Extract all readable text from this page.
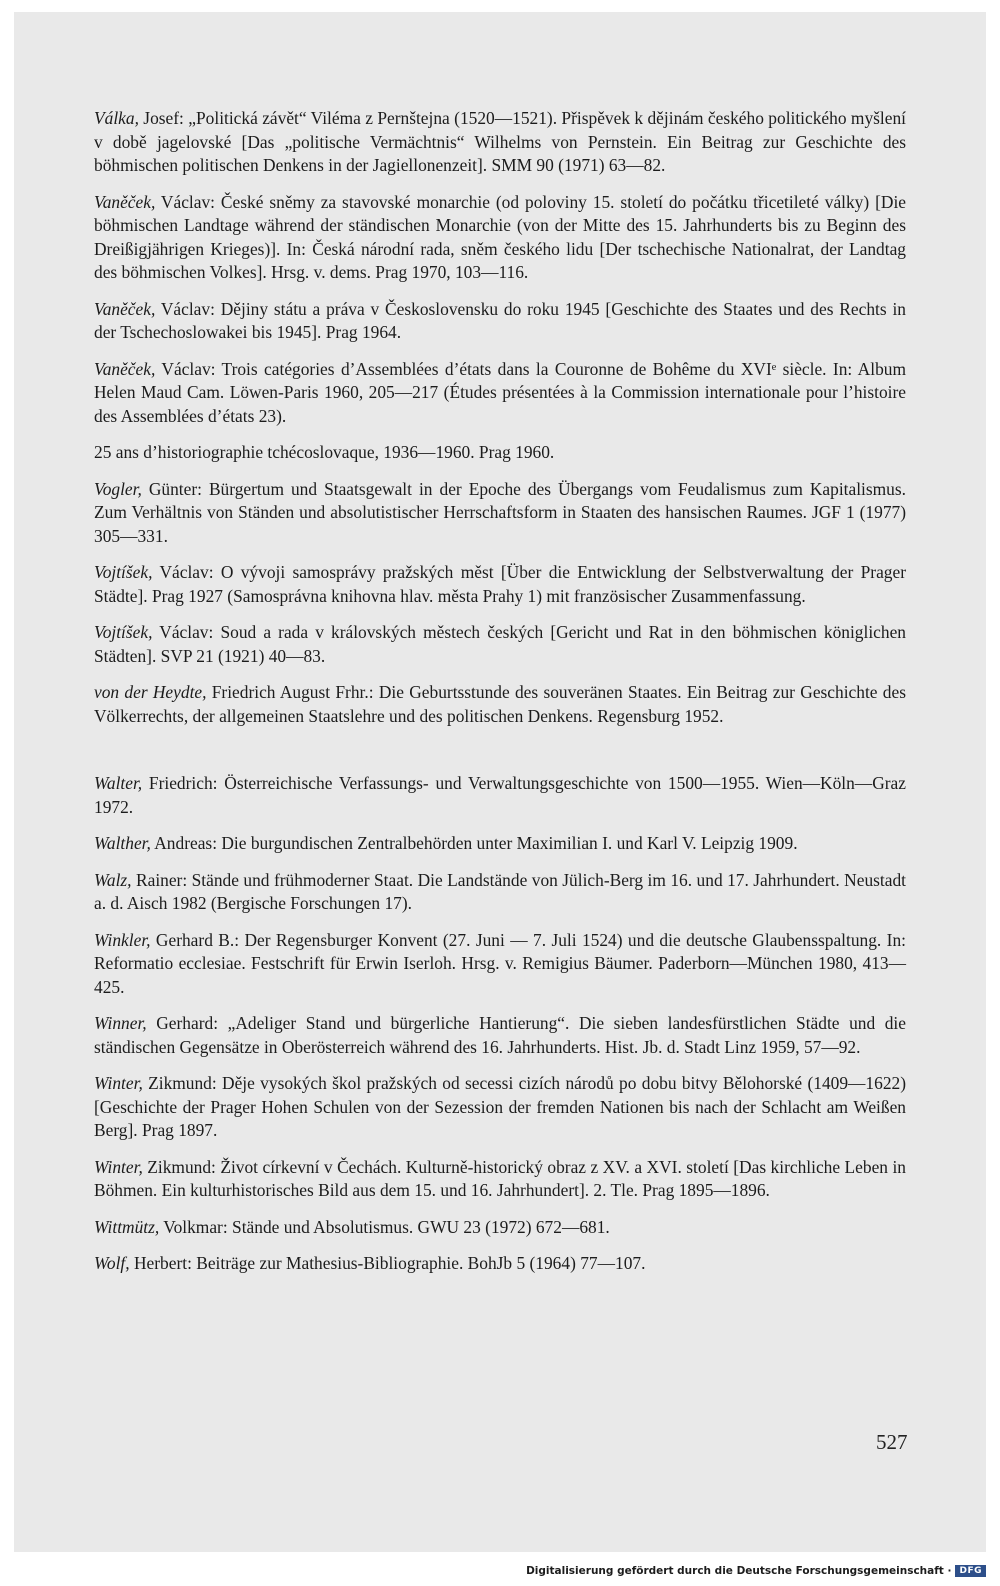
Válka, Josef: „Politická závět“ Viléma z Pernštejna (1520—1521). Přispěvek k dějinám českého politického myšlení v době jagelovské [Das „politische Vermächtnis“ Wilhelms von Pernstein. Ein Beitrag zur Geschichte des böhmischen politischen Denkens in der Jagiellonenzeit]. SMM 90 (1971) 63—82.

Vaněček, Václav: České sněmy za stavovské monarchie (od poloviny 15. století do počátku třicetileté války) [Die böhmischen Landtage während der ständischen Monarchie (von der Mitte des 15. Jahrhunderts bis zu Beginn des Dreißigjährigen Krieges)]. In: Česká národní rada, sněm českého lidu [Der tschechische Nationalrat, der Landtag des böhmischen Volkes]. Hrsg. v. dems. Prag 1970, 103—116.

Vaněček, Václav: Dějiny státu a práva v Československu do roku 1945 [Geschichte des Staates und des Rechts in der Tschechoslowakei bis 1945]. Prag 1964.

Vaněček, Václav: Trois catégories d’Assemblées d’états dans la Couronne de Bohême du XVIᵉ siècle. In: Album Helen Maud Cam. Löwen-Paris 1960, 205—217 (Études présentées à la Commission internationale pour l’histoire des Assemblées d’états 23).

25 ans d’historiographie tchécoslovaque, 1936—1960. Prag 1960.

Vogler, Günter: Bürgertum und Staatsgewalt in der Epoche des Übergangs vom Feudalismus zum Kapitalismus. Zum Verhältnis von Ständen und absolutistischer Herrschaftsform in Staaten des hansischen Raumes. JGF 1 (1977) 305—331.

Vojtíšek, Václav: O vývoji samosprávy pražských měst [Über die Entwicklung der Selbstverwaltung der Prager Städte]. Prag 1927 (Samosprávna knihovna hlav. města Prahy 1) mit französischer Zusammenfassung.

Vojtíšek, Václav: Soud a rada v královských městech českých [Gericht und Rat in den böhmischen königlichen Städten]. SVP 21 (1921) 40—83.

von der Heydte, Friedrich August Frhr.: Die Geburtsstunde des souveränen Staates. Ein Beitrag zur Geschichte des Völkerrechts, der allgemeinen Staatslehre und des politischen Denkens. Regensburg 1952.

Walter, Friedrich: Österreichische Verfassungs- und Verwaltungsgeschichte von 1500—1955. Wien—Köln—Graz 1972.

Walther, Andreas: Die burgundischen Zentralbehörden unter Maximilian I. und Karl V. Leipzig 1909.

Walz, Rainer: Stände und frühmoderner Staat. Die Landstände von Jülich-Berg im 16. und 17. Jahrhundert. Neustadt a. d. Aisch 1982 (Bergische Forschungen 17).

Winkler, Gerhard B.: Der Regensburger Konvent (27. Juni — 7. Juli 1524) und die deutsche Glaubensspaltung. In: Reformatio ecclesiae. Festschrift für Erwin Iserloh. Hrsg. v. Remigius Bäumer. Paderborn—München 1980, 413—425.

Winner, Gerhard: „Adeliger Stand und bürgerliche Hantierung“. Die sieben landesfürstlichen Städte und die ständischen Gegensätze in Oberösterreich während des 16. Jahrhunderts. Hist. Jb. d. Stadt Linz 1959, 57—92.

Winter, Zikmund: Děje vysokých škol pražských od secessi cizích národů po dobu bitvy Bělohorské (1409—1622) [Geschichte der Prager Hohen Schulen von der Sezession der fremden Nationen bis nach der Schlacht am Weißen Berg]. Prag 1897.

Winter, Zikmund: Život církevní v Čechách. Kulturně-historický obraz z XV. a XVI. století [Das kirchliche Leben in Böhmen. Ein kulturhistorisches Bild aus dem 15. und 16. Jahrhundert]. 2. Tle. Prag 1895—1896.

Wittmütz, Volkmar: Stände und Absolutismus. GWU 23 (1972) 672—681.

Wolf, Herbert: Beiträge zur Mathesius-Bibliographie. BohJb 5 (1964) 77—107.

527
Digitalisierung gefördert durch die Deutsche Forschungsgemeinschaft · DFG
